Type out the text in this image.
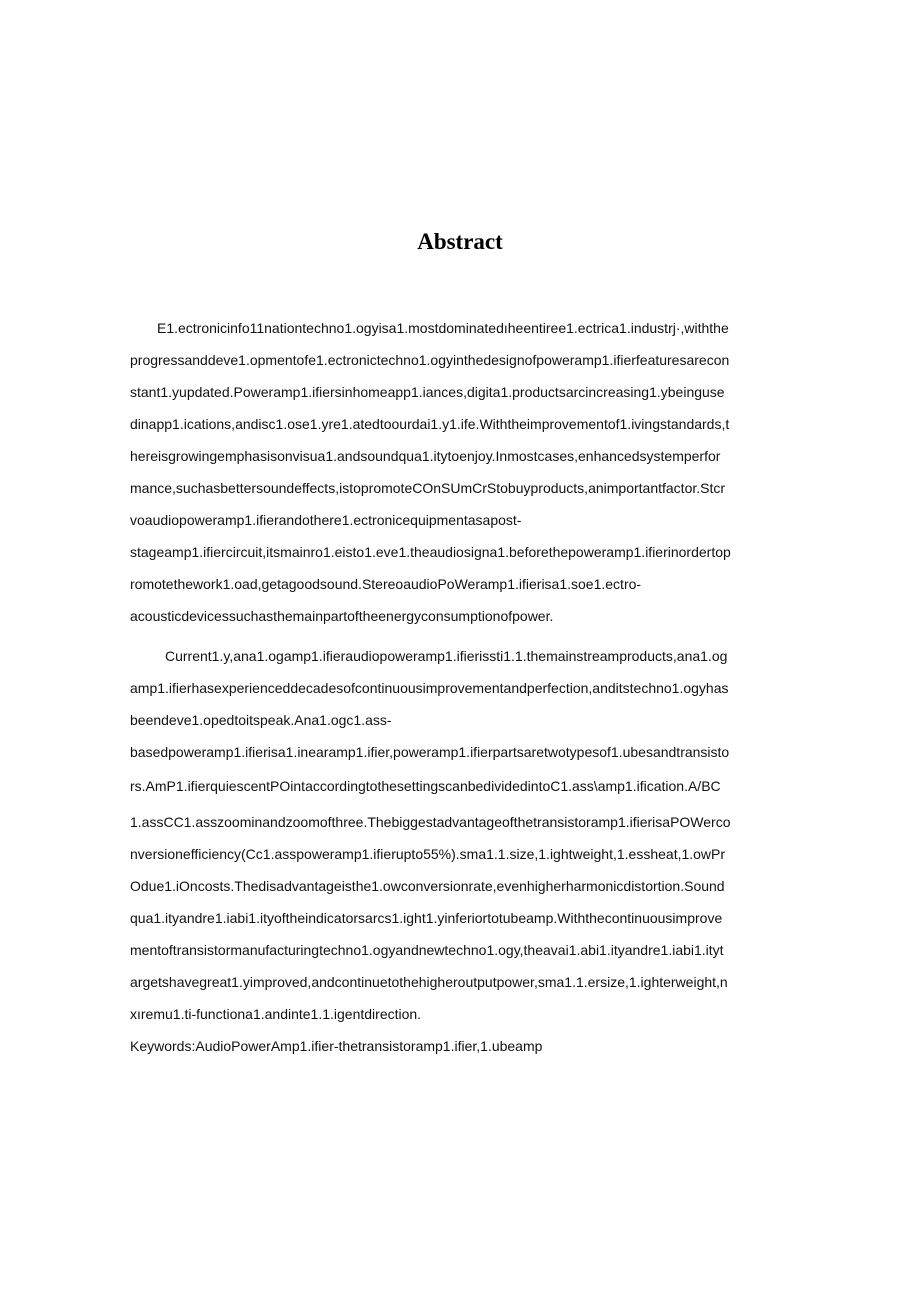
Abstract
E1.ectronicinfo11nationtechno1.ogyisa1.mostdominatedıheentiree1.ectrica1.industrj·,withthe
progressanddeve1.opmentofe1.ectronictechno1.ogyinthedesignofpoweramp1.ifierfeaturesarecon
stant1.yupdated.Poweramp1.ifiersinhomeapp1.iances,digita1.productsarcincreasing1.ybeinguse
dinapp1.ications,andisc1.ose1.yre1.atedtoourdai1.y1.ife.Withtheimprovementof1.ivingstandards,t
hereisgrowingemphasisonvisua1.andsoundqua1.itytoenjoy.Inmostcases,enhancedsystemperfor
mance,suchasbettersoundeffects,istopromoteCOnSUmCrStobuyproducts,animportantfactor.Stcr
voaudiopoweramp1.ifierandothere1.ectronicequipmentasapost-
stageamp1.ifiercircuit,itsmainro1.eisto1.eve1.theaudiosigna1.beforethepoweramp1.ifierinordertop
romotethework1.oad,getagoodsound.StereoaudioPoWeramp1.ifierisa1.soe1.ectro-
acousticdevicessuchasthemainpartoftheenergyconsumptionofpower.
Current1.y,ana1.ogamp1.ifieraudiopoweramp1.ifierissti1.1.themainstreamproducts,ana1.og
amp1.ifierhasexperienceddecadesofcontinuousimprovementandperfection,anditstechno1.ogyhas
beendeve1.opedtoitspeak.Ana1.ogc1.ass-
basedpoweramp1.ifierisa1.inearamp1.ifier,poweramp1.ifierpartsaretwotypesof1.ubesandtransisto
rs.AmP1.ifierquiescentPOintaccordingtothesettingscanbedividedintoC1.ass\amp1.ification.A/BC
1.assCC1.asszoominandzoomofthree.Thebiggestadvantageofthetransistoramp1.ifierisaPOWerco
nversionefficiency(Cc1.asspoweramp1.ifierupto55%).sma1.1.size,1.ightweight,1.essheat,1.owPr
Odue1.iOncosts.Thedisadvantageisthe1.owconversionrate,evenhigherharmonicdistortion.Sound
qua1.ityandre1.iabi1.ityoftheindicatorsarcs1.ight1.yinferiortotubeamp.Withthecontinuousimprove
mentoftransistormanufacturingtechno1.ogyandnewtechno1.ogy,theavai1.abi1.ityandre1.iabi1.ityt
argetshavegreat1.yimproved,andcontinuetothehigheroutputpower,sma1.1.ersize,1.ighterweight,n
xıremu1.ti-functiona1.andinte1.1.igentdirection.
Keywords:AudioPowerAmp1.ifier-thetransistoramp1.ifier,1.ubeamp
